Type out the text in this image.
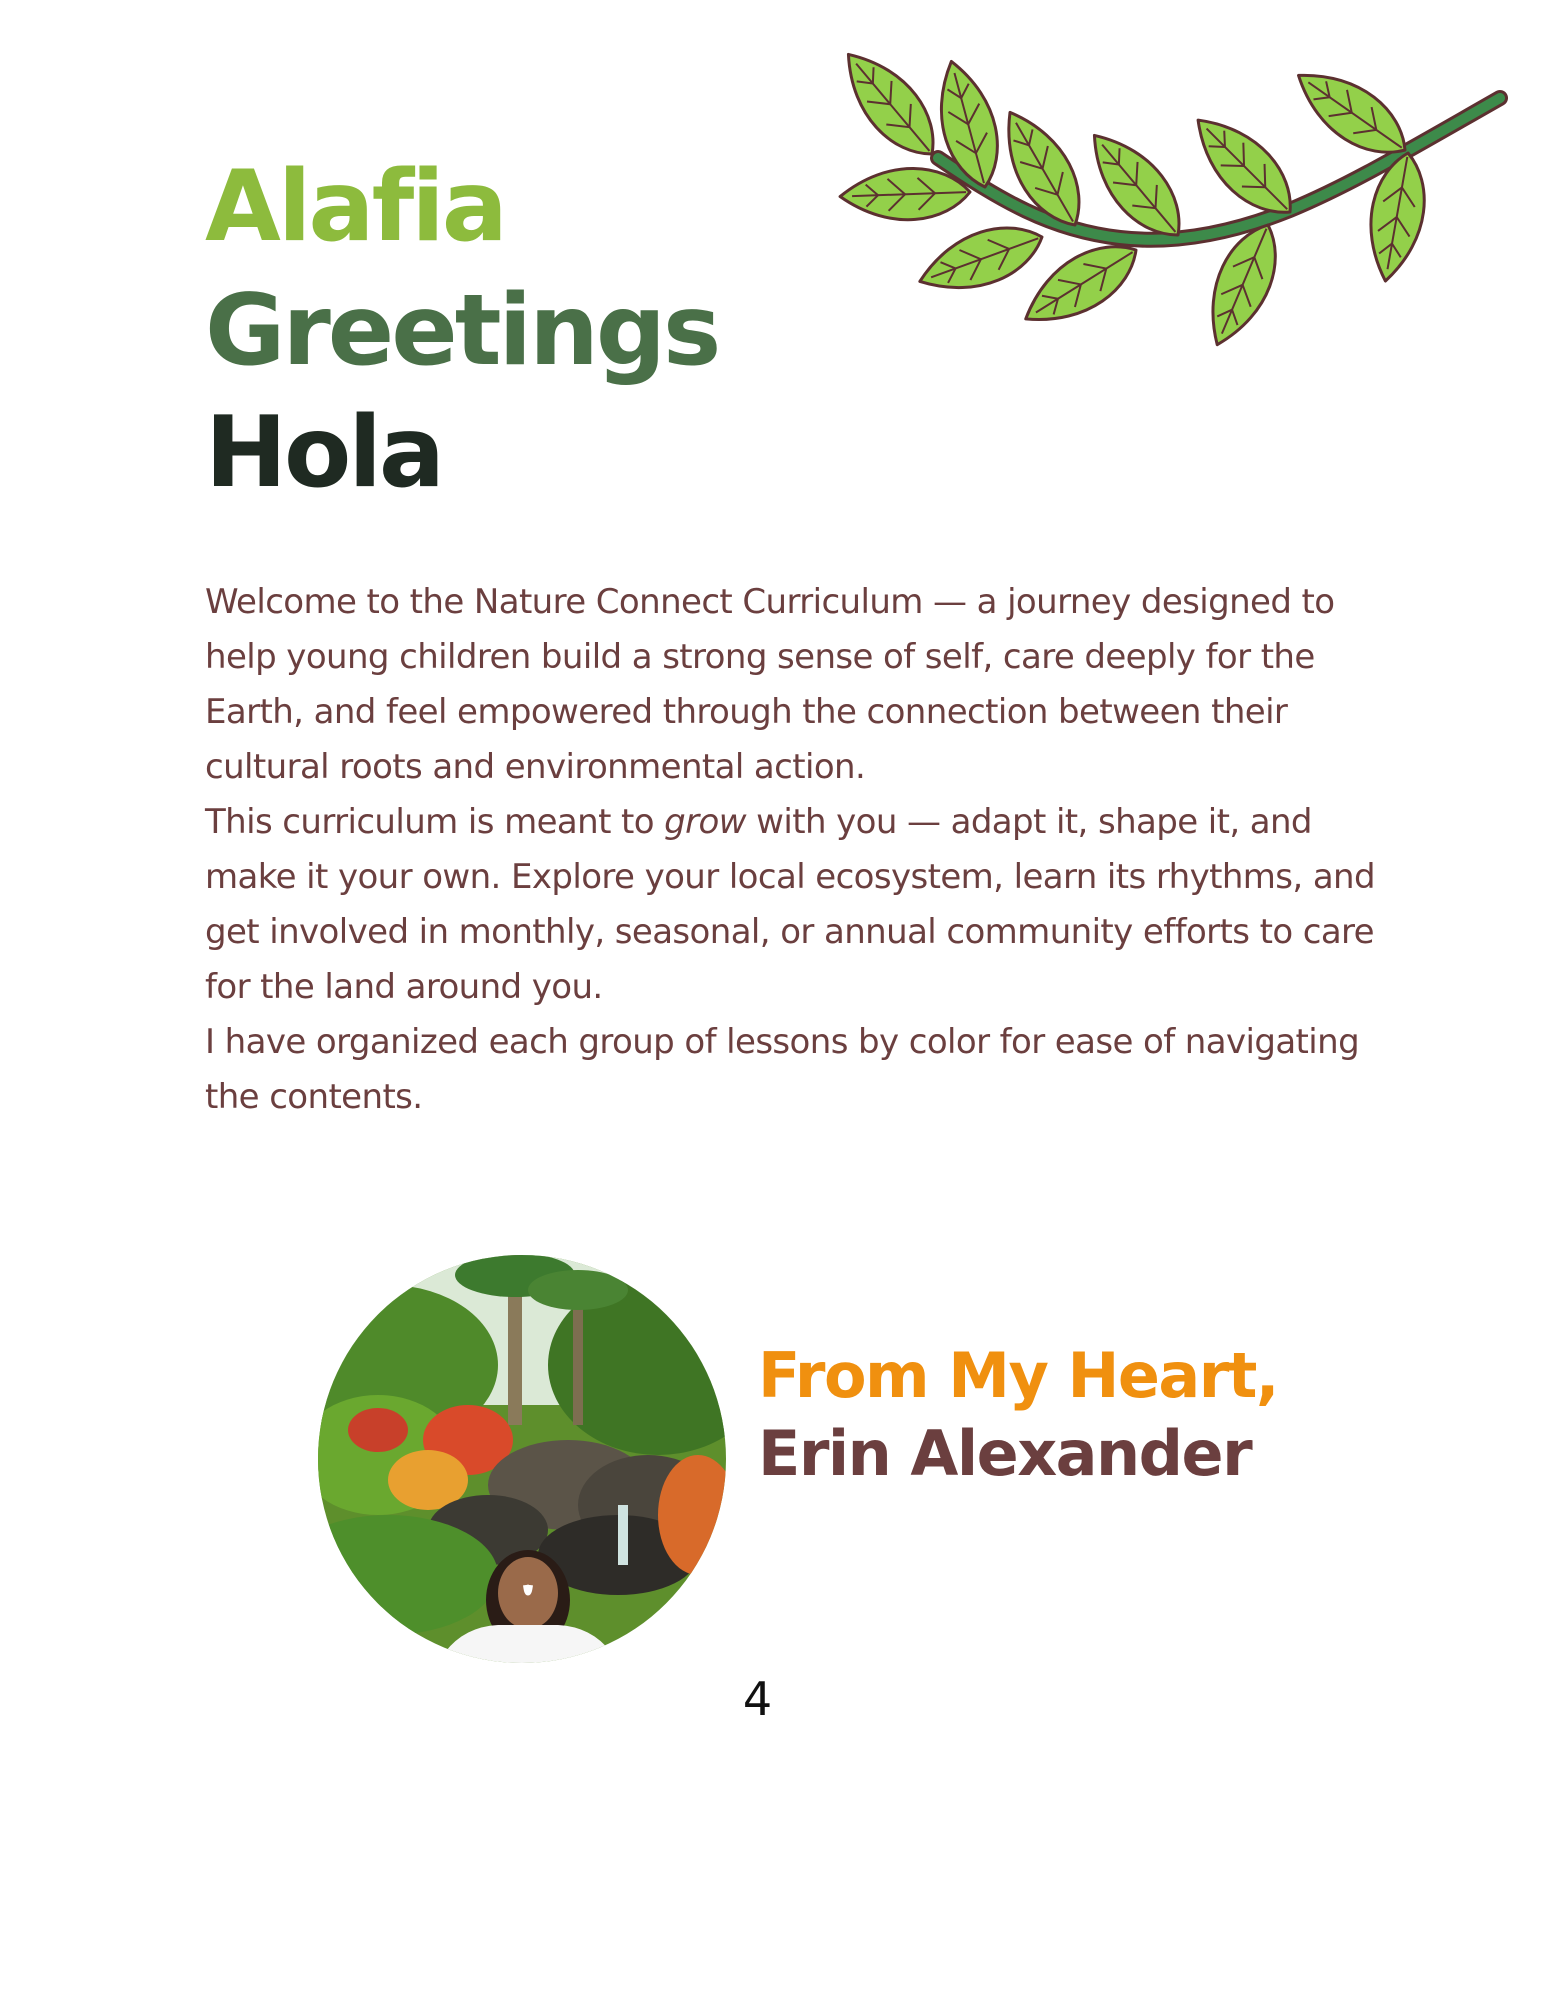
Alafia
Greetings
Hola

Welcome to the Nature Connect Curriculum — a journey designed to help young children build a strong sense of self, care deeply for the Earth, and feel empowered through the connection between their cultural roots and environmental action.

This curriculum is meant to grow with you — adapt it, shape it, and make it your own. Explore your local ecosystem, learn its rhythms, and get involved in monthly, seasonal, or annual community efforts to care for the land around you.

I have organized each group of lessons by color for ease of navigating the contents.

From My Heart,
Erin Alexander

4
